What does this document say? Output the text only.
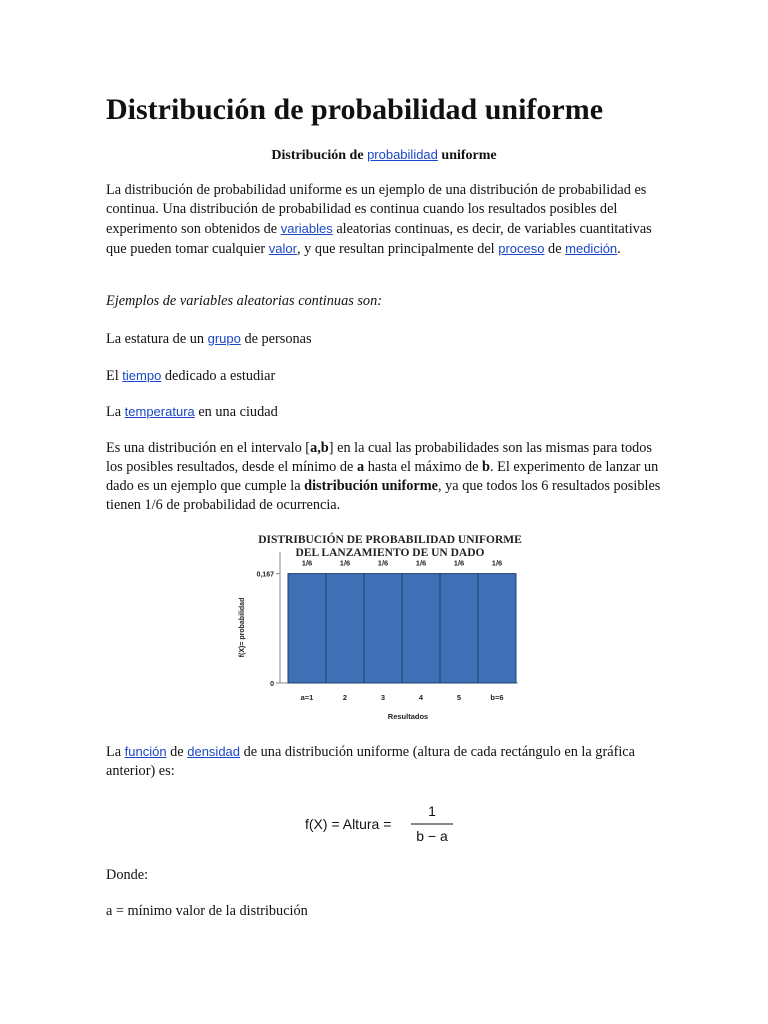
Distribución de probabilidad uniforme
Distribución de probabilidad uniforme

La distribución de probabilidad uniforme es un ejemplo de una distribución de probabilidad es continua. Una distribución de probabilidad es continua cuando los resultados posibles del experimento son obtenidos de variables aleatorias continuas, es decir, de variables cuantitativas que pueden tomar cualquier valor, y que resultan principalmente del proceso de medición.

Ejemplos de variables aleatorias continuas son:

La estatura de un grupo de personas

El tiempo dedicado a estudiar

La temperatura en una ciudad

Es una distribución en el intervalo [a,b] en la cual las probabilidades son las mismas para todos los posibles resultados, desde el mínimo de a hasta el máximo de b. El experimento de lanzar un dado es un ejemplo que cumple la distribución uniforme, ya que todos los 6 resultados posibles tienen 1/6 de probabilidad de ocurrencia.

DISTRIBUCIÓN DE PROBABILIDAD UNIFORME
DEL LANZAMIENTO DE UN DADO
0
0,167
f(X)= probabilidad
1/6
a=1
1/6
2
1/6
3
1/6
4
1/6
5
1/6
b=6
Resultados

La función de densidad de una distribución uniforme (altura de cada rectángulo en la gráfica anterior) es:

f(X) = Altura =
1
b − a

Donde:

a = mínimo valor de la distribución
